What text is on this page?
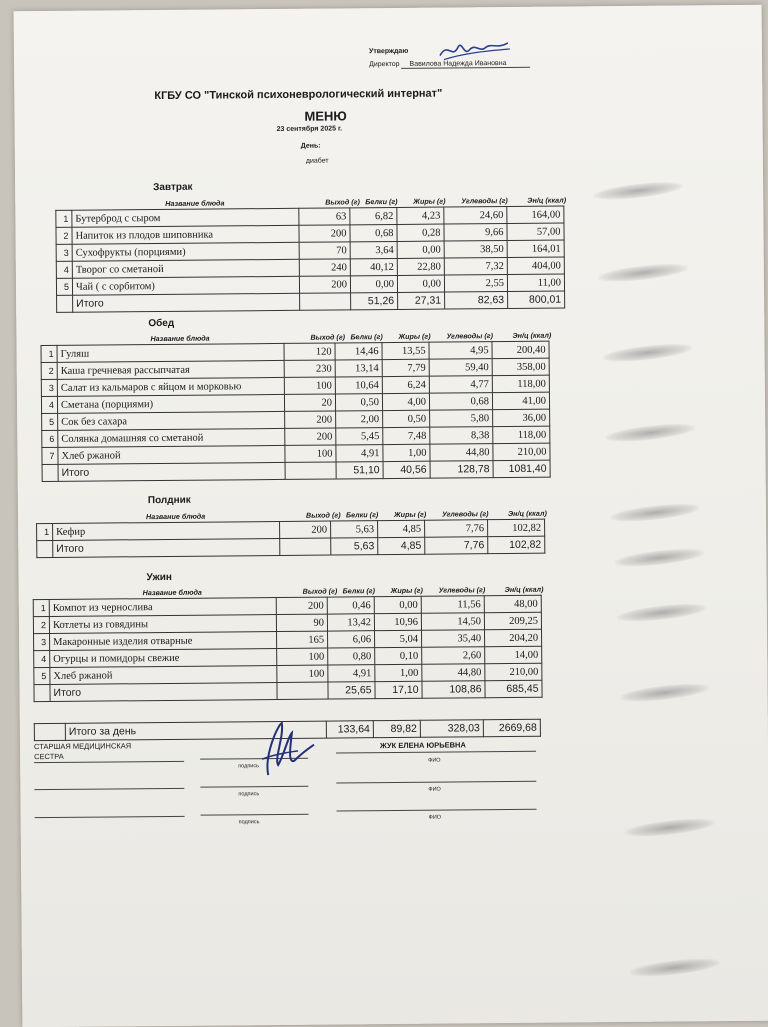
Утверждаю
Директор Вавилова Надежда Ивановна
КГБУ СО "Тинской психоневрологический интернат"
МЕНЮ
23 сентября 2025 г.
День:
диабет
Завтрак
Название блюда	Выход (г) Белки (г) Жиры (г) Углеводы (г)	Эн/ц (ккал)
1	Бутерброд с сыром	63	6,82	4,23	24,60	164,00
2	Напиток из плодов шиповника	200	0,68	0,28	9,66	57,00
3	Сухофрукты (порциями)	70	3,64	0,00	38,50	164,01
4	Творог со сметаной	240	40,12	22,80	7,32	404,00
5	Чай ( с сорбитом)	200	0,00	0,00	2,55	11,00
	Итого		51,26	27,31	82,63	800,01
Обед
Название блюда	Выход (г) Белки (г) Жиры (г) Углеводы (г)	Эн/ц (ккал)
1	Гуляш	120	14,46	13,55	4,95	200,40
2	Каша гречневая рассыпчатая	230	13,14	7,79	59,40	358,00
3	Салат из кальмаров с яйцом и морковью	100	10,64	6,24	4,77	118,00
4	Сметана (порциями)	20	0,50	4,00	0,68	41,00
5	Сок без сахара	200	2,00	0,50	5,80	36,00
6	Солянка домашняя со сметаной	200	5,45	7,48	8,38	118,00
7	Хлеб ржаной	100	4,91	1,00	44,80	210,00
	Итого		51,10	40,56	128,78	1081,40
Полдник
Название блюда	Выход (г) Белки (г) Жиры (г) Углеводы (г)	Эн/ц (ккал)
1	Кефир	200	5,63	4,85	7,76	102,82
	Итого		5,63	4,85	7,76	102,82
Ужин
Название блюда	Выход (г) Белки (г) Жиры (г) Углеводы (г)	Эн/ц (ккал)
1	Компот из чернослива	200	0,46	0,00	11,56	48,00
2	Котлеты из говядины	90	13,42	10,96	14,50	209,25
3	Макаронные изделия отварные	165	6,06	5,04	35,40	204,20
4	Огурцы и помидоры свежие	100	0,80	0,10	2,60	14,00
5	Хлеб ржаной	100	4,91	1,00	44,80	210,00
	Итого		25,65	17,10	108,86	685,45
	Итого за день	133,64	89,82	328,03	2669,68
СТАРШАЯ МЕДИЦИНСКАЯ
СЕСТРА
подпись
ЖУК ЕЛЕНА ЮРЬЕВНА
ФИО
подпись
ФИО
подпись
ФИО
